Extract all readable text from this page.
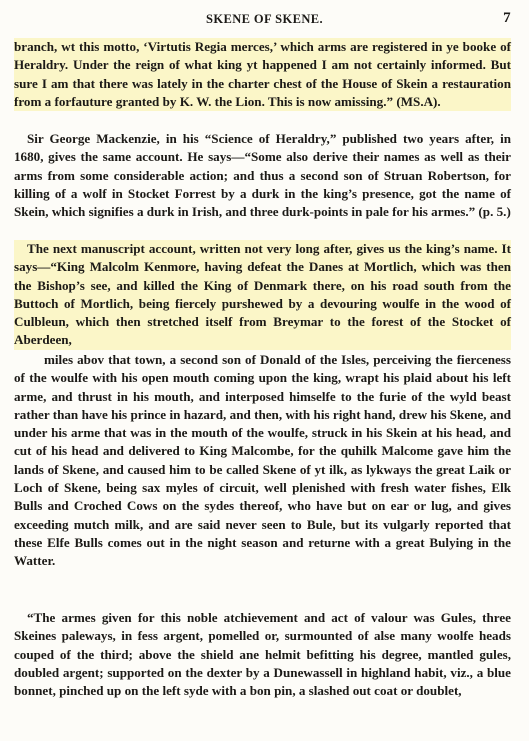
SKENE OF SKENE.	7

branch, wt this motto, ‘Virtutis Regia merces,’ which arms are registered in ye booke of Heraldry. Under the reign of what king yt happened I am not certainly informed. But sure I am that there was lately in the charter chest of the House of Skein a restauration from a forfauture granted by K. W. the Lion. This is now amissing.” (MS.A).

Sir George Mackenzie, in his “Science of Heraldry,” published two years after, in 1680, gives the same account. He says—“Some also derive their names as well as their arms from some considerable action; and thus a second son of Struan Robertson, for killing of a wolf in Stocket Forrest by a durk in the king’s presence, got the name of Skein, which signifies a durk in Irish, and three durk-points in pale for his armes.” (p. 5.)

The next manuscript account, written not very long after, gives us the king’s name. It says—“King Malcolm Kenmore, having defeat the Danes at Mortlich, which was then the Bishop’s see, and killed the King of Denmark there, on his road south from the Buttoch of Mortlich, being fiercely purshewed by a devouring woulfe in the wood of Culbleun, which then stretched itself from Breymar to the forest of the Stocket of Aberdeen,

miles abov that town, a second son of Donald of the Isles, perceiving the fierceness of the woulfe with his open mouth coming upon the king, wrapt his plaid about his left arme, and thrust in his mouth, and interposed himselfe to the furie of the wyld beast rather than have his prince in hazard, and then, with his right hand, drew his Skene, and under his arme that was in the mouth of the woulfe, struck in his Skein at his head, and cut of his head and delivered to King Malcombe, for the quhilk Malcome gave him the lands of Skene, and caused him to be called Skene of yt ilk, as lykways the great Laik or Loch of Skene, being sax myles of circuit, well plenished with fresh water fishes, Elk Bulls and Croched Cows on the sydes thereof, who have but on ear or lug, and gives exceeding mutch milk, and are said never seen to Bule, but its vulgarly reported that these Elfe Bulls comes out in the night season and returne with a great Bulying in the Watter.

“The armes given for this noble atchievement and act of valour was Gules, three Skeines paleways, in fess argent, pomelled or, surmounted of alse many woolfe heads couped of the third; above the shield ane helmit befitting his degree, mantled gules, doubled argent; supported on the dexter by a Dunewassell in highland habit, viz., a blue bonnet, pinched up on the left syde with a bon pin, a slashed out coat or doublet,
